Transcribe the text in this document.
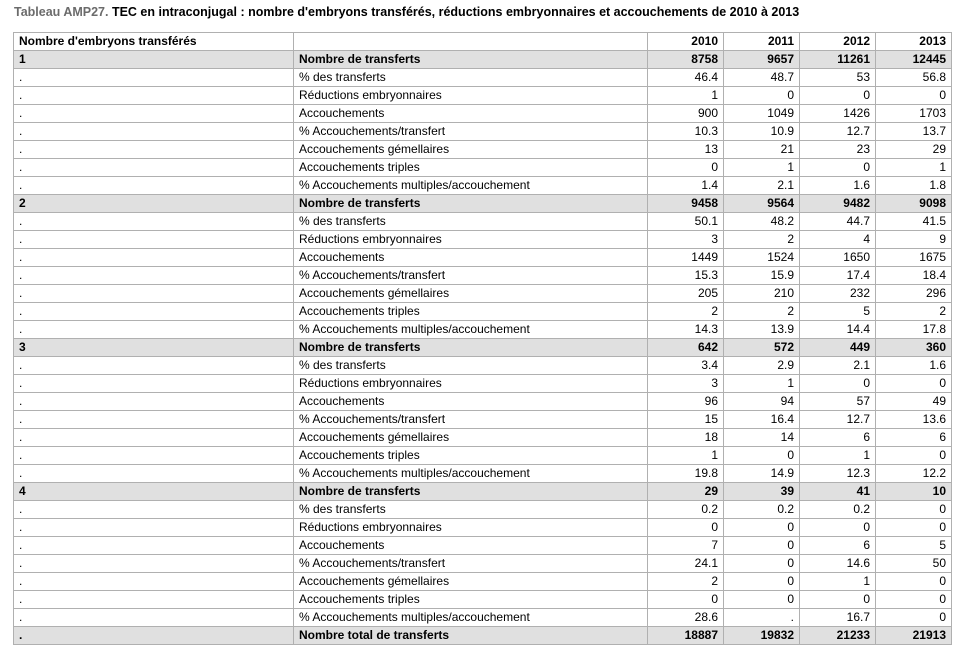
Tableau AMP27. TEC en intraconjugal : nombre d'embryons transférés, réductions embryonnaires et accouchements de 2010 à 2013
Nombre d'embryons transférés		2010	2011	2012	2013
1	Nombre de transferts	8758	9657	11261	12445
.	% des transferts	46.4	48.7	53	56.8
.	Réductions embryonnaires	1	0	0	0
.	Accouchements	900	1049	1426	1703
.	% Accouchements/transfert	10.3	10.9	12.7	13.7
.	Accouchements gémellaires	13	21	23	29
.	Accouchements triples	0	1	0	1
.	% Accouchements multiples/accouchement	1.4	2.1	1.6	1.8
2	Nombre de transferts	9458	9564	9482	9098
.	% des transferts	50.1	48.2	44.7	41.5
.	Réductions embryonnaires	3	2	4	9
.	Accouchements	1449	1524	1650	1675
.	% Accouchements/transfert	15.3	15.9	17.4	18.4
.	Accouchements gémellaires	205	210	232	296
.	Accouchements triples	2	2	5	2
.	% Accouchements multiples/accouchement	14.3	13.9	14.4	17.8
3	Nombre de transferts	642	572	449	360
.	% des transferts	3.4	2.9	2.1	1.6
.	Réductions embryonnaires	3	1	0	0
.	Accouchements	96	94	57	49
.	% Accouchements/transfert	15	16.4	12.7	13.6
.	Accouchements gémellaires	18	14	6	6
.	Accouchements triples	1	0	1	0
.	% Accouchements multiples/accouchement	19.8	14.9	12.3	12.2
4	Nombre de transferts	29	39	41	10
.	% des transferts	0.2	0.2	0.2	0
.	Réductions embryonnaires	0	0	0	0
.	Accouchements	7	0	6	5
.	% Accouchements/transfert	24.1	0	14.6	50
.	Accouchements gémellaires	2	0	1	0
.	Accouchements triples	0	0	0	0
.	% Accouchements multiples/accouchement	28.6	.	16.7	0
.	Nombre total de transferts	18887	19832	21233	21913
